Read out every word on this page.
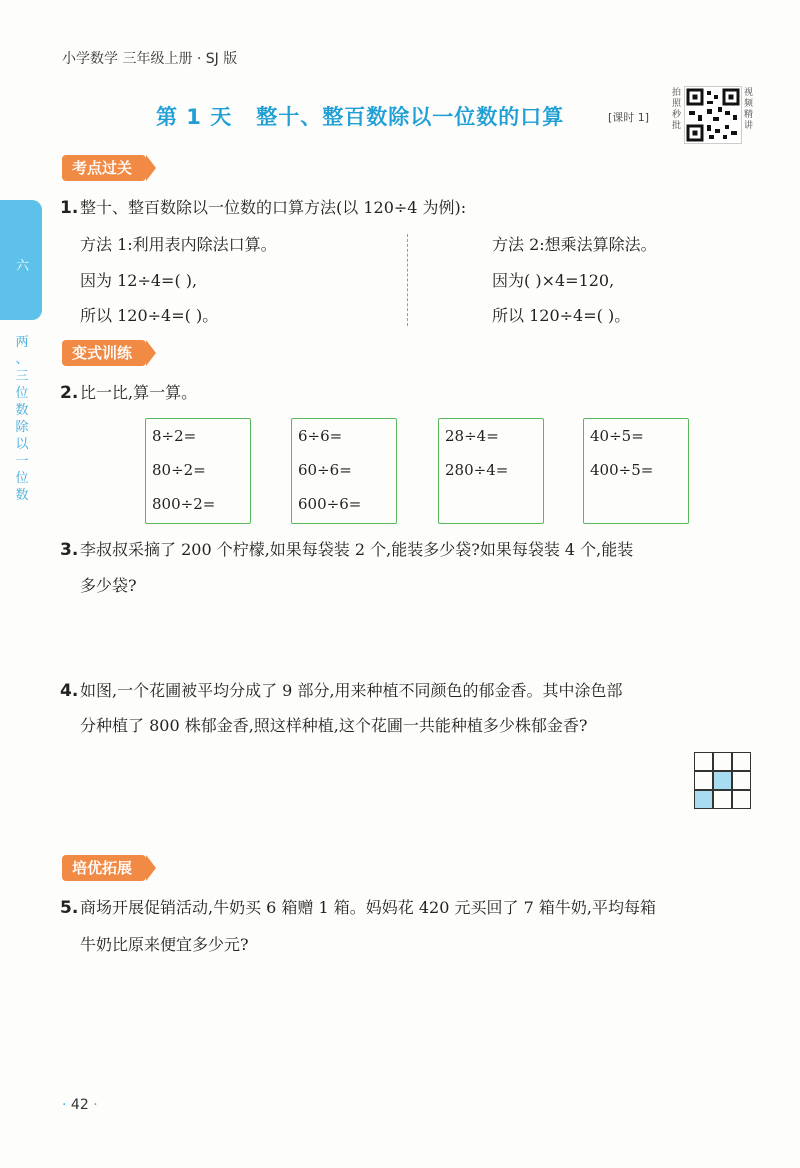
小学数学 三年级上册 · SJ 版
第 1 天 整十、整百数除以一位数的口算	[课时 1]
拍照秒批
视频精讲
六
两
、
三
位
数
除
以
一
位
数
考点过关
1. 整十、整百数除以一位数的口算方法(以 120÷4 为例):
方法 1:利用表内除法口算。
因为 12÷4=( ),
所以 120÷4=( )。
方法 2:想乘法算除法。
因为( )×4=120,
所以 120÷4=( )。
变式训练
2. 比一比,算一算。
8÷2=
80÷2=
800÷2=
6÷6=
60÷6=
600÷6=
28÷4=
280÷4=
40÷5=
400÷5=
3. 李叔叔采摘了 200 个柠檬,如果每袋装 2 个,能装多少袋?如果每袋装 4 个,能装
多少袋?
4. 如图,一个花圃被平均分成了 9 部分,用来种植不同颜色的郁金香。其中涂色部
分种植了 800 株郁金香,照这样种植,这个花圃一共能种植多少株郁金香?
培优拓展
5. 商场开展促销活动,牛奶买 6 箱赠 1 箱。妈妈花 420 元买回了 7 箱牛奶,平均每箱
牛奶比原来便宜多少元?
· 42 ·
